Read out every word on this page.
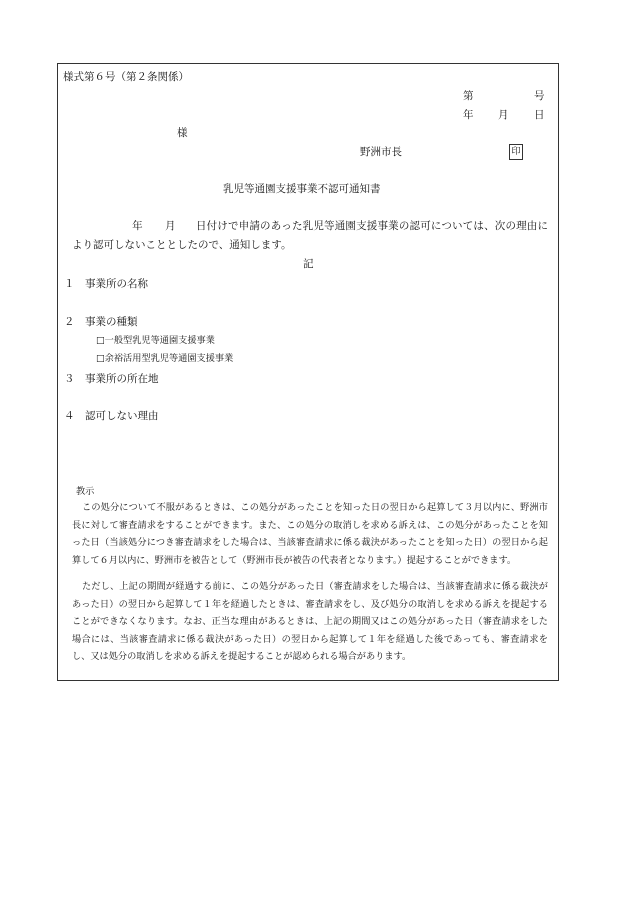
様式第６号（第２条関係）
第	号
年 月 日
様
野洲市長	印
乳児等通園支援事業不認可通知書
年 月 日付けで申請のあった乳児等通園支援事業の認可については、次の理由により認可しないこととしたので、通知します。
記
１ 事業所の名称
２ 事業の種類
□一般型乳児等通園支援事業
□余裕活用型乳児等通園支援事業
３ 事業所の所在地
４ 認可しない理由
教示
この処分について不服があるときは、この処分があったことを知った日の翌日から起算して３月以内に、野洲市長に対して審査請求をすることができます。また、この処分の取消しを求める訴えは、この処分があったことを知った日（当該処分につき審査請求をした場合は、当該審査請求に係る裁決があったことを知った日）の翌日から起算して６月以内に、野洲市を被告として（野洲市長が被告の代表者となります。）提起することができます。
ただし、上記の期間が経過する前に、この処分があった日（審査請求をした場合は、当該審査請求に係る裁決があった日）の翌日から起算して１年を経過したときは、審査請求をし、及び処分の取消しを求める訴えを提起することができなくなります。なお、正当な理由があるときは、上記の期間又はこの処分があった日（審査請求をした場合には、当該審査請求に係る裁決があった日）の翌日から起算して１年を経過した後であっても、審査請求をし、又は処分の取消しを求める訴えを提起することが認められる場合があります。
